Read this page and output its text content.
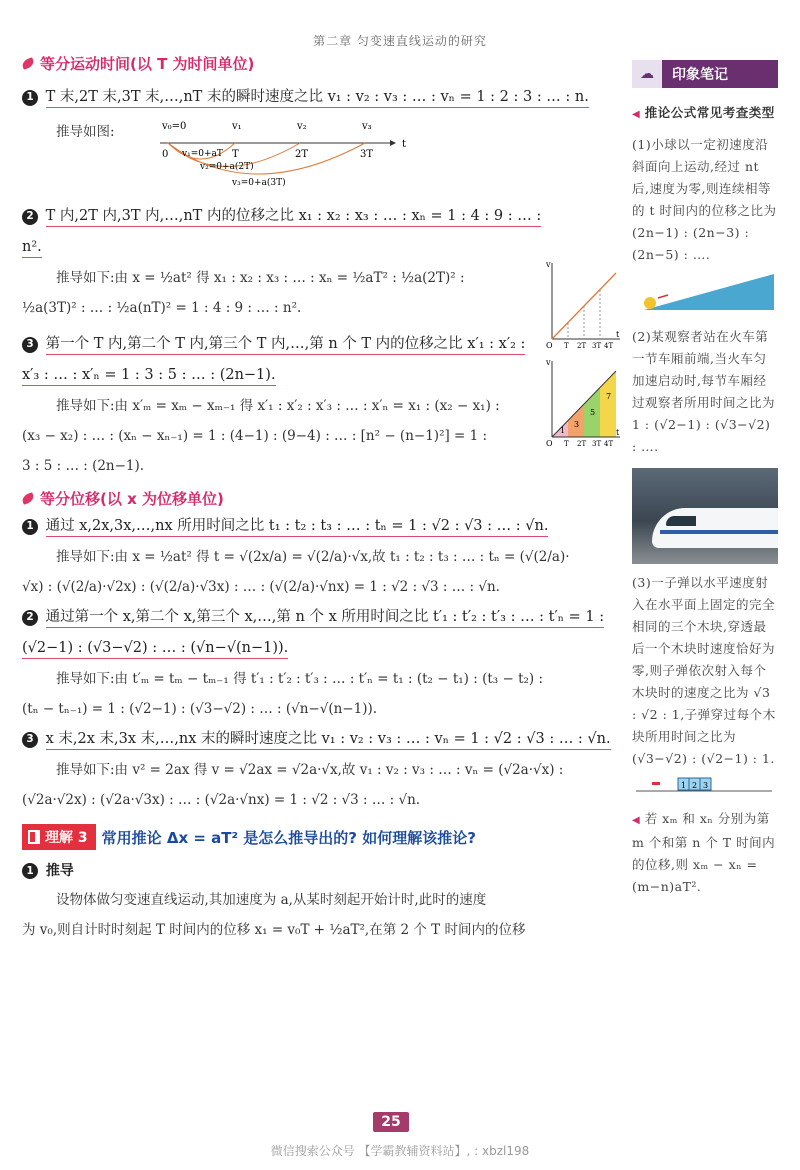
第二章 匀变速直线运动的研究
等分运动时间(以 T 为时间单位)
1 T 末,2T 末,3T 末,…,nT 末的瞬时速度之比 v₁ : v₂ : v₃ : … : vₙ = 1 : 2 : 3 : … : n.
推导如图:	v₀=0	v₁	v₂	v₃
0	T	2T	3T
t
v₁=0+aT
v₂=0+a(2T)
v₃=0+a(3T)
2 T 内,2T 内,3T 内,…,nT 内的位移之比 x₁ : x₂ : x₃ : … : xₙ = 1 : 4 : 9 : … : n².
推导如下:由 x = ½at² 得 x₁ : x₂ : x₃ : … : xₙ = ½aT² : ½a(2T)² :
½a(3T)² : … : ½a(nT)² = 1 : 4 : 9 : … : n².
v
O T 2T 3T 4T
t
3 第一个 T 内,第二个 T 内,第三个 T 内,…,第 n 个 T 内的位移之比 x′₁ : x′₂ : x′₃ : … : x′ₙ = 1 : 3 : 5 : … : (2n−1).
推导如下:由 x′ₘ = xₘ − xₘ₋₁ 得 x′₁ : x′₂ : x′₃ : … : x′ₙ = x₁ : (x₂ − x₁) :
(x₃ − x₂) : … : (xₙ − xₙ₋₁) = 1 : (4−1) : (9−4) : … : [n² − (n−1)²] = 1 :
3 : 5 : … : (2n−1).
v
O T 2T 3T 4T
t
1
3
5
7
等分位移(以 x 为位移单位)
1 通过 x,2x,3x,…,nx 所用时间之比 t₁ : t₂ : t₃ : … : tₙ = 1 : √2 : √3 : … : √n.
推导如下:由 x = ½at² 得 t = √(2x/a) = √(2/a)·√x,故 t₁ : t₂ : t₃ : … : tₙ = (√(2/a)·
√x) : (√(2/a)·√2x) : (√(2/a)·√3x) : … : (√(2/a)·√nx) = 1 : √2 : √3 : … : √n.
2 通过第一个 x,第二个 x,第三个 x,…,第 n 个 x 所用时间之比 t′₁ : t′₂ : t′₃ : … : t′ₙ = 1 : (√2−1) : (√3−√2) : … : (√n−√(n−1)).
推导如下:由 t′ₘ = tₘ − tₘ₋₁ 得 t′₁ : t′₂ : t′₃ : … : t′ₙ = t₁ : (t₂ − t₁) : (t₃ − t₂) :
(tₙ − tₙ₋₁) = 1 : (√2−1) : (√3−√2) : … : (√n−√(n−1)).
3 x 末,2x 末,3x 末,…,nx 末的瞬时速度之比 v₁ : v₂ : v₃ : … : vₙ = 1 : √2 : √3 : … : √n.
推导如下:由 v² = 2ax 得 v = √2ax = √2a·√x,故 v₁ : v₂ : v₃ : … : vₙ = (√2a·√x) :
(√2a·√2x) : (√2a·√3x) : … : (√2a·√nx) = 1 : √2 : √3 : … : √n.
理解 3 常用推论 Δx = aT² 是怎么推导出的? 如何理解该推论?
1 推导
设物体做匀变速直线运动,其加速度为 a,从某时刻起开始计时,此时的速度
为 v₀,则自计时时刻起 T 时间内的位移 x₁ = v₀T + ½aT²,在第 2 个 T 时间内的位移
☁	印象笔记
◀ 推论公式常见考查类型
(1)小球以一定初速度沿斜面向上运动,经过 nt 后,速度为零,则连续相等的 t 时间内的位移之比为 (2n−1) : (2n−3) : (2n−5) : ….
(2)某观察者站在火车第一节车厢前端,当火车匀加速启动时,每节车厢经过观察者所用时间之比为 1 : (√2−1) : (√3−√2) : ….
(3)一子弹以水平速度射入在水平面上固定的完全相同的三个木块,穿透最后一个木块时速度恰好为零,则子弹依次射入每个木块时的速度之比为 √3 : √2 : 1,子弹穿过每个木块所用时间之比为 (√3−√2) : (√2−1) : 1.
1 2 3
◀ 若 xₘ 和 xₙ 分别为第 m 个和第 n 个 T 时间内的位移,则 xₘ − xₙ = (m−n)aT².
25
微信搜索公众号 【学霸教辅资料站】, : xbzl198
